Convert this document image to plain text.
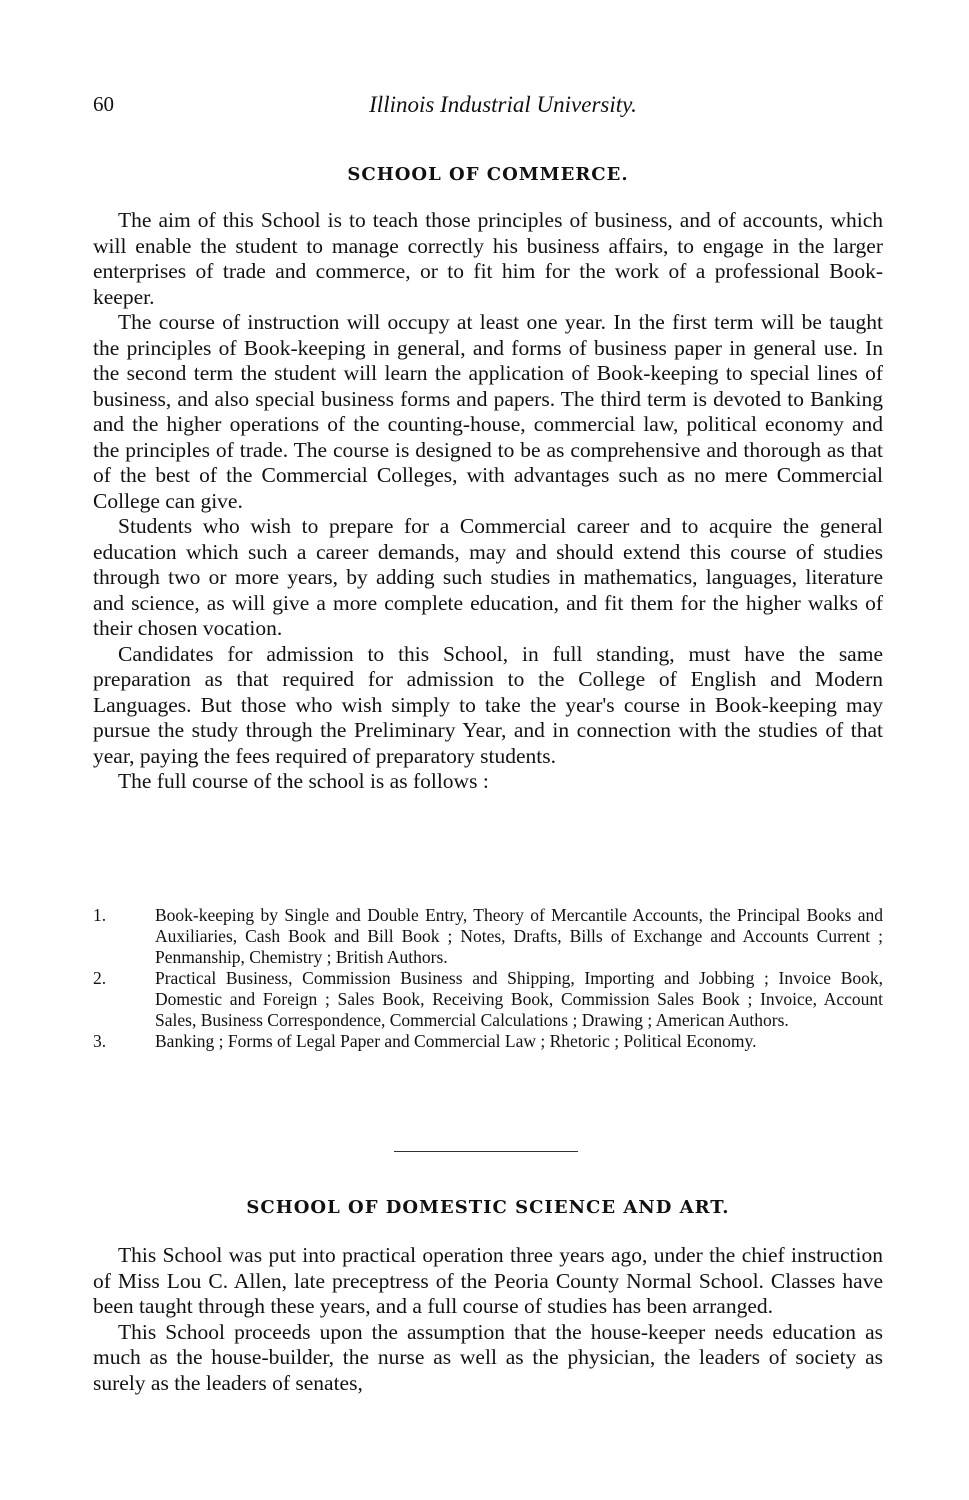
60	Illinois Industrial University.
SCHOOL OF COMMERCE.

The aim of this School is to teach those principles of business, and of accounts, which will enable the student to manage correctly his business affairs, to engage in the larger enterprises of trade and commerce, or to fit him for the work of a professional Book-keeper.

The course of instruction will occupy at least one year. In the first term will be taught the principles of Book-keeping in general, and forms of business paper in general use. In the second term the student will learn the application of Book-keeping to special lines of business, and also special business forms and papers. The third term is devoted to Banking and the higher operations of the counting-house, commercial law, political economy and the principles of trade. The course is designed to be as comprehensive and thorough as that of the best of the Commercial Colleges, with advantages such as no mere Commercial College can give.

Students who wish to prepare for a Commercial career and to acquire the general education which such a career demands, may and should extend this course of studies through two or more years, by adding such studies in mathematics, languages, literature and science, as will give a more complete education, and fit them for the higher walks of their chosen vocation.

Candidates for admission to this School, in full standing, must have the same preparation as that required for admission to the College of English and Modern Languages. But those who wish simply to take the year's course in Book-keeping may pursue the study through the Preliminary Year, and in connection with the studies of that year, paying the fees required of preparatory students.

The full course of the school is as follows :

1.	Book-keeping by Single and Double Entry, Theory of Mercantile Accounts, the Principal Books and Auxiliaries, Cash Book and Bill Book ; Notes, Drafts, Bills of Exchange and Accounts Current ; Penmanship, Chemistry ; British Authors.
2.	Practical Business, Commission Business and Shipping, Importing and Jobbing ; Invoice Book, Domestic and Foreign ; Sales Book, Receiving Book, Commission Sales Book ; Invoice, Account Sales, Business Correspondence, Commercial Calculations ; Drawing ; American Authors.
3.	Banking ; Forms of Legal Paper and Commercial Law ; Rhetoric ; Political Economy.
SCHOOL OF DOMESTIC SCIENCE AND ART.

This School was put into practical operation three years ago, under the chief instruction of Miss Lou C. Allen, late preceptress of the Peoria County Normal School. Classes have been taught through these years, and a full course of studies has been arranged.

This School proceeds upon the assumption that the house-keeper needs education as much as the house-builder, the nurse as well as the physician, the leaders of society as surely as the leaders of senates,
